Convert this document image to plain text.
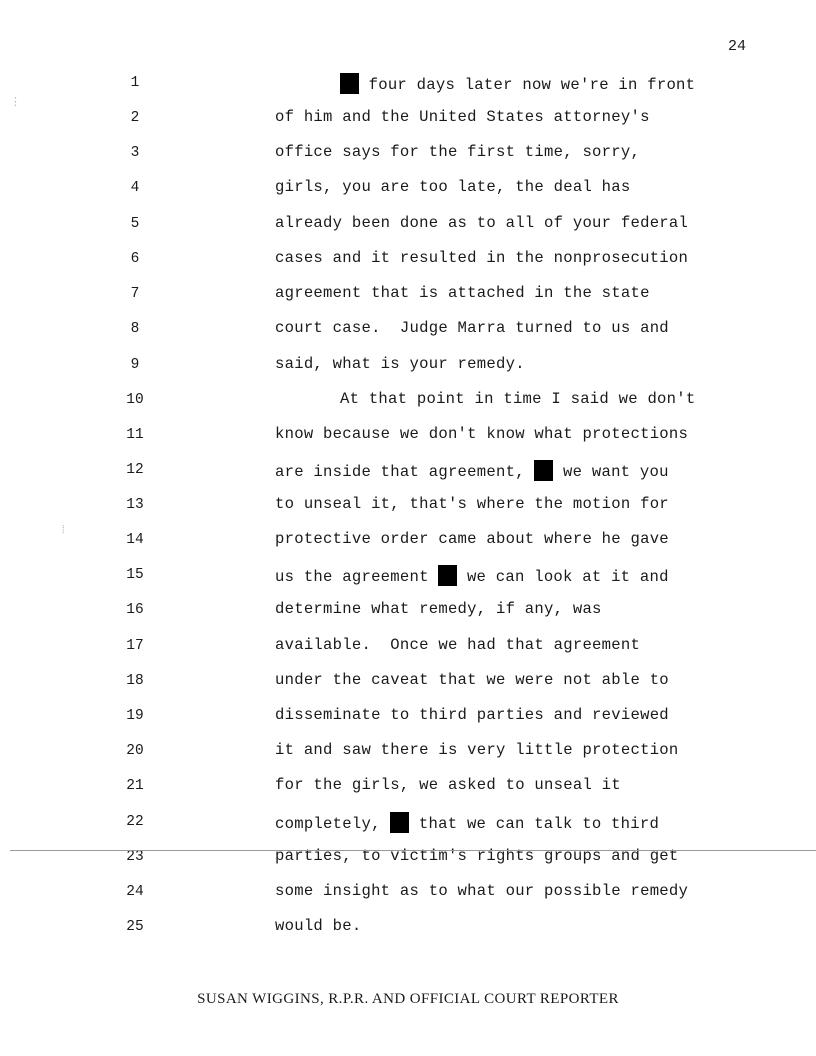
24
1
2
3
4
5
6
7
8
9
10
11
12
13
14
15
16
17
18
19
20
21
22
23
24
25
four days later now we're in front
of him and the United States attorney's
office says for the first time, sorry,
girls, you are too late, the deal has
already been done as to all of your federal
cases and it resulted in the nonprosecution
agreement that is attached in the state
court case.  Judge Marra turned to us and
said, what is your remedy.
At that point in time I said we don't
know because we don't know what protections
are inside that agreement,  we want you
to unseal it, that's where the motion for
protective order came about where he gave
us the agreement  we can look at it and
determine what remedy, if any, was
available.  Once we had that agreement
under the caveat that we were not able to
disseminate to third parties and reviewed
it and saw there is very little protection
for the girls, we asked to unseal it
completely,  that we can talk to third
parties, to victim's rights groups and get
some insight as to what our possible remedy
would be.
⋮
⁞
SUSAN WIGGINS, R.P.R. AND OFFICIAL COURT REPORTER
